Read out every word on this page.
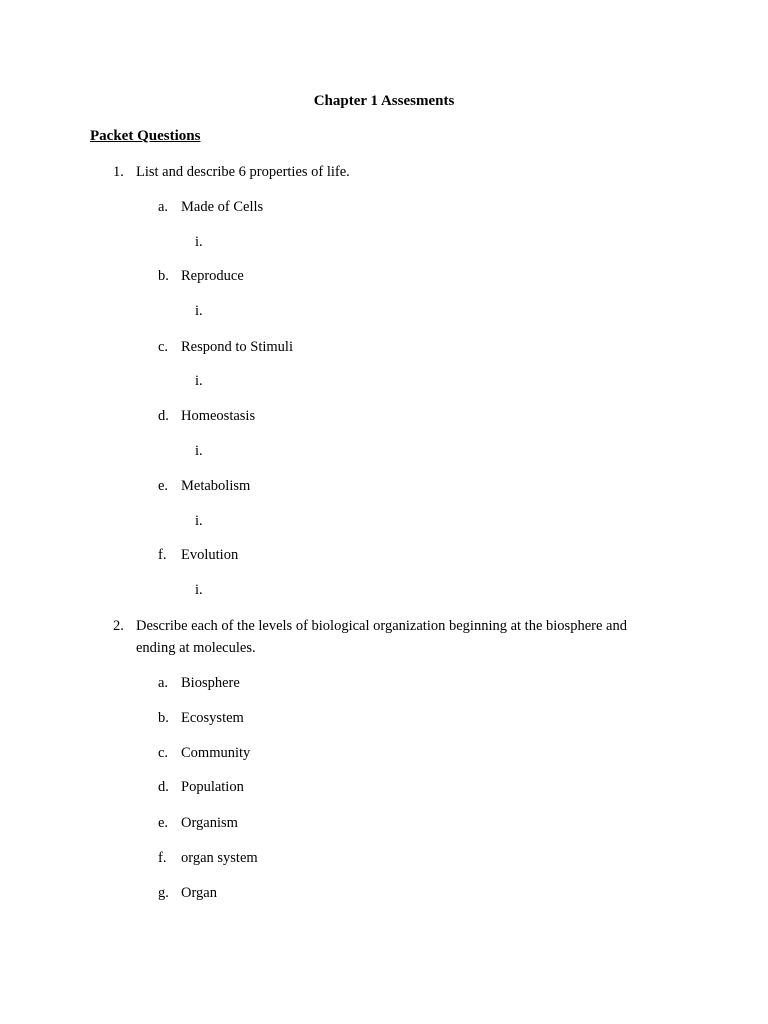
Chapter 1 Assesments
Packet Questions
1. List and describe 6 properties of life.
a. Made of Cells
i.
b. Reproduce
i.
c. Respond to Stimuli
i.
d. Homeostasis
i.
e. Metabolism
i.
f. Evolution
i.
2. Describe each of the levels of biological organization beginning at the biosphere and
ending at molecules.
a. Biosphere
b. Ecosystem
c. Community
d. Population
e. Organism
f. organ system
g. Organ
